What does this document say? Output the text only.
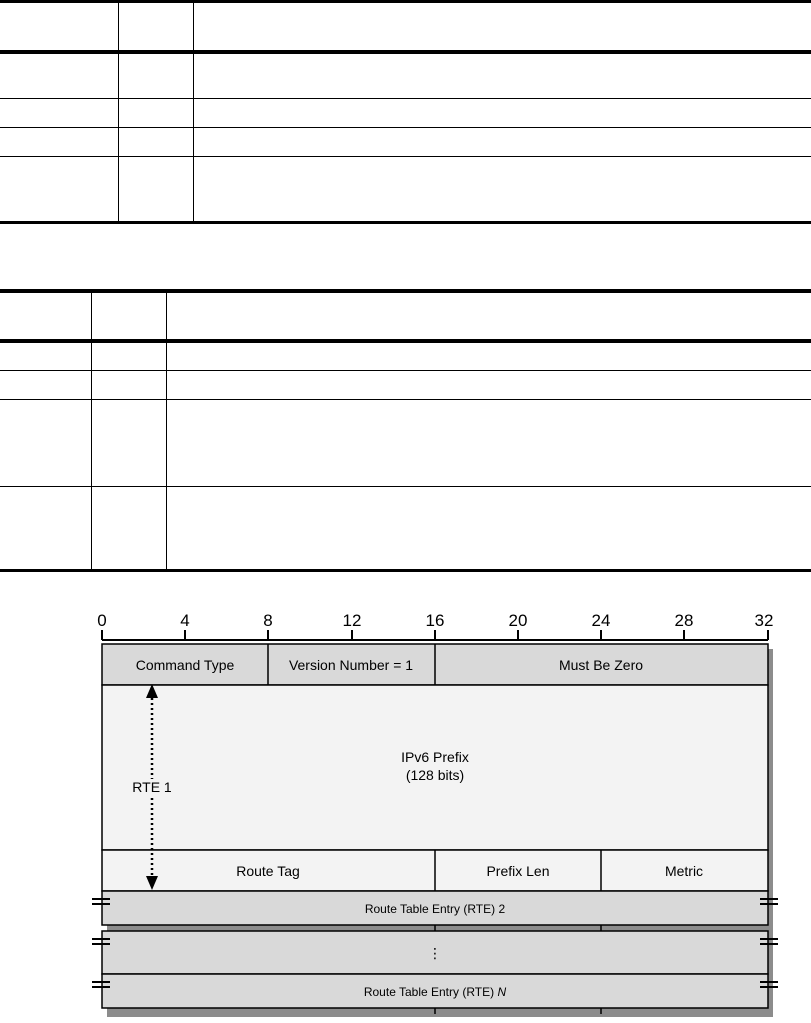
0	4	8	12	16	20	24	28	32
Command Type	Version Number = 1	Must Be Zero
IPv6 Prefix
(128 bits)
Route Tag	Prefix Len	Metric
RTE 1
Route Table Entry (RTE) 2
⋮
Route Table Entry (RTE) N
